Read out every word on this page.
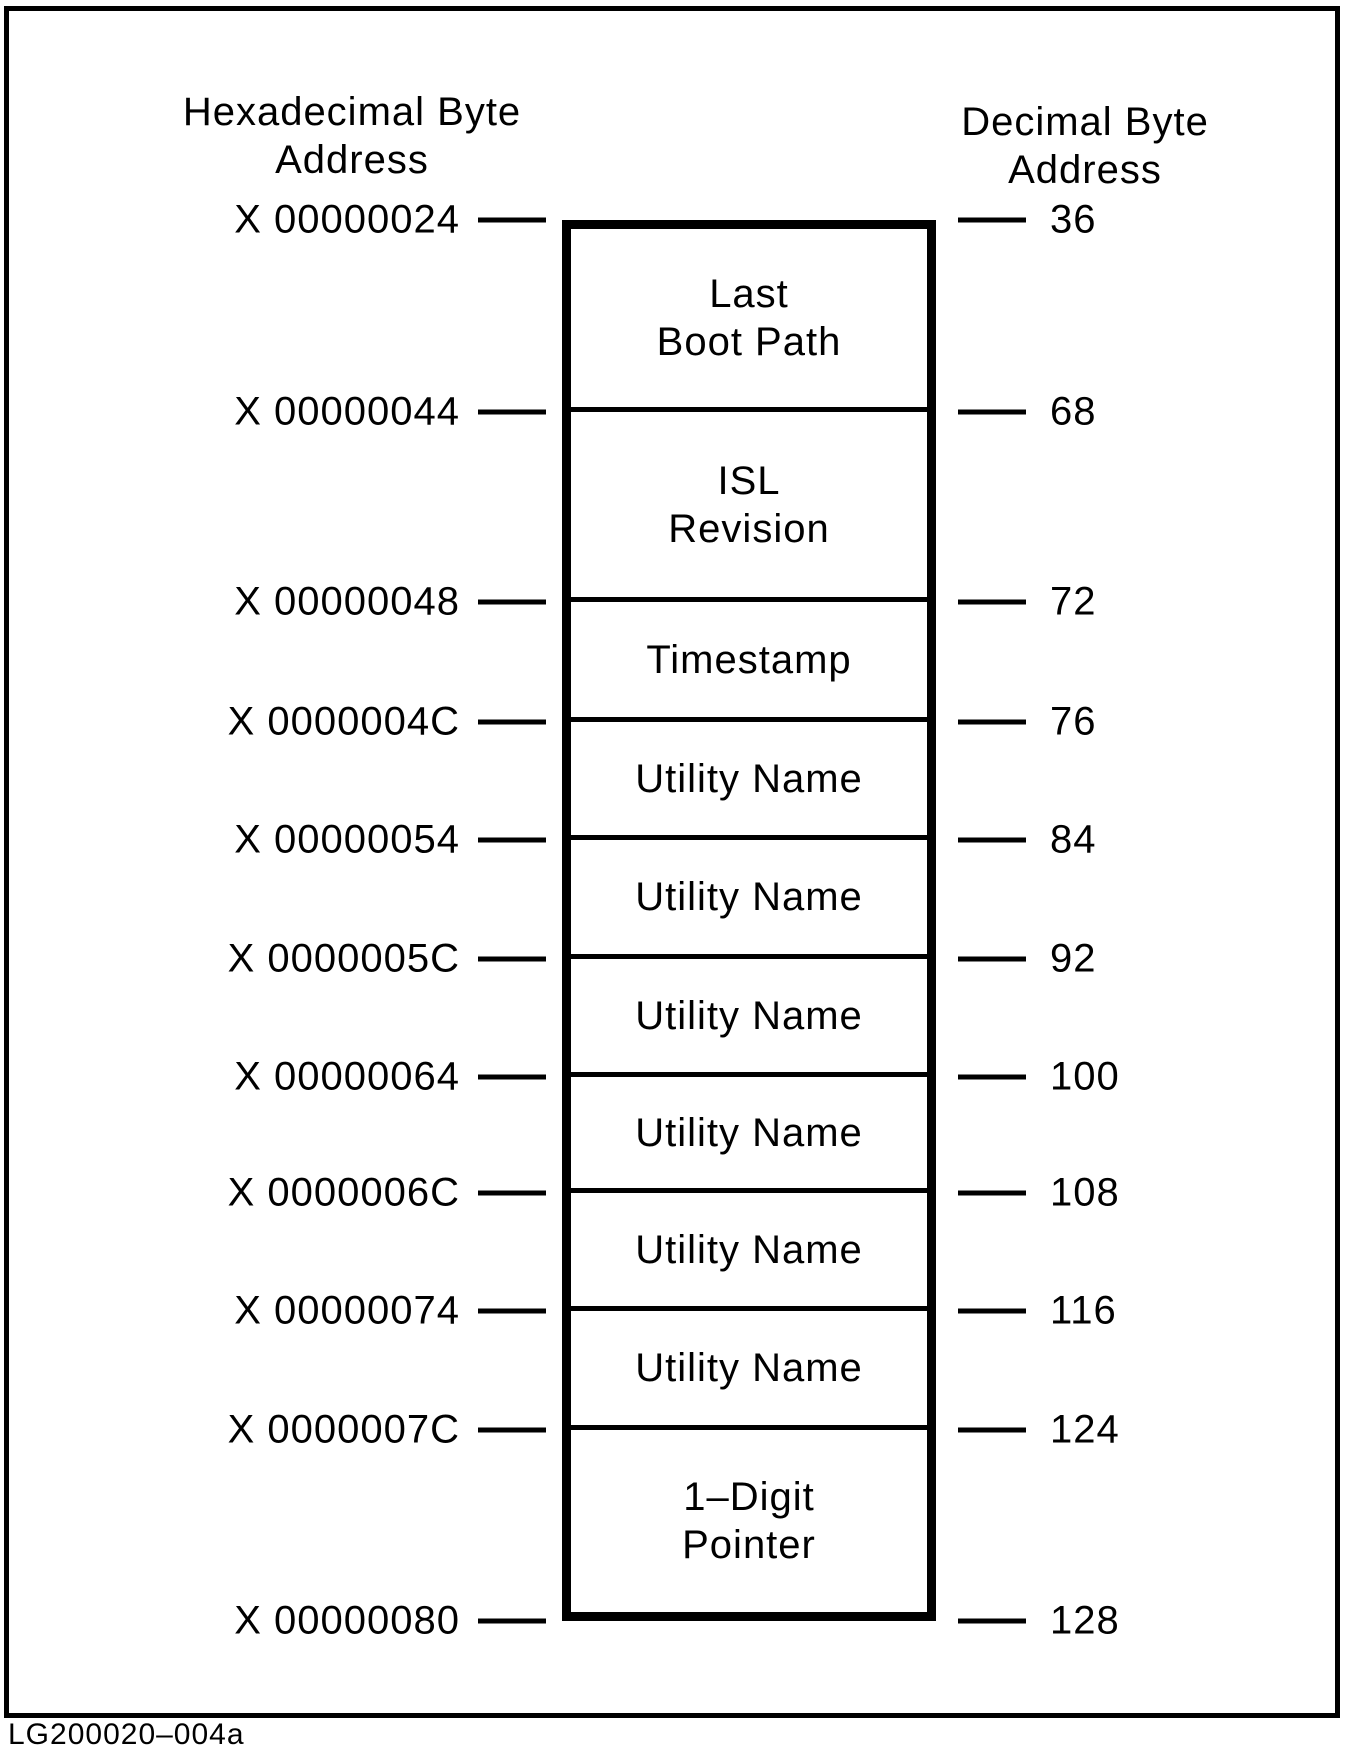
Hexadecimal Byte
Address
Decimal Byte
Address
Last
Boot Path
ISL
Revision
Timestamp
Utility Name
Utility Name
Utility Name
Utility Name
Utility Name
Utility Name
1–Digit
Pointer
X 00000024	36
X 00000044	68
X 00000048	72
X 0000004C	76
X 00000054	84
X 0000005C	92
X 00000064	100
X 0000006C	108
X 00000074	116
X 0000007C	124
X 00000080	128
LG200020–004a
